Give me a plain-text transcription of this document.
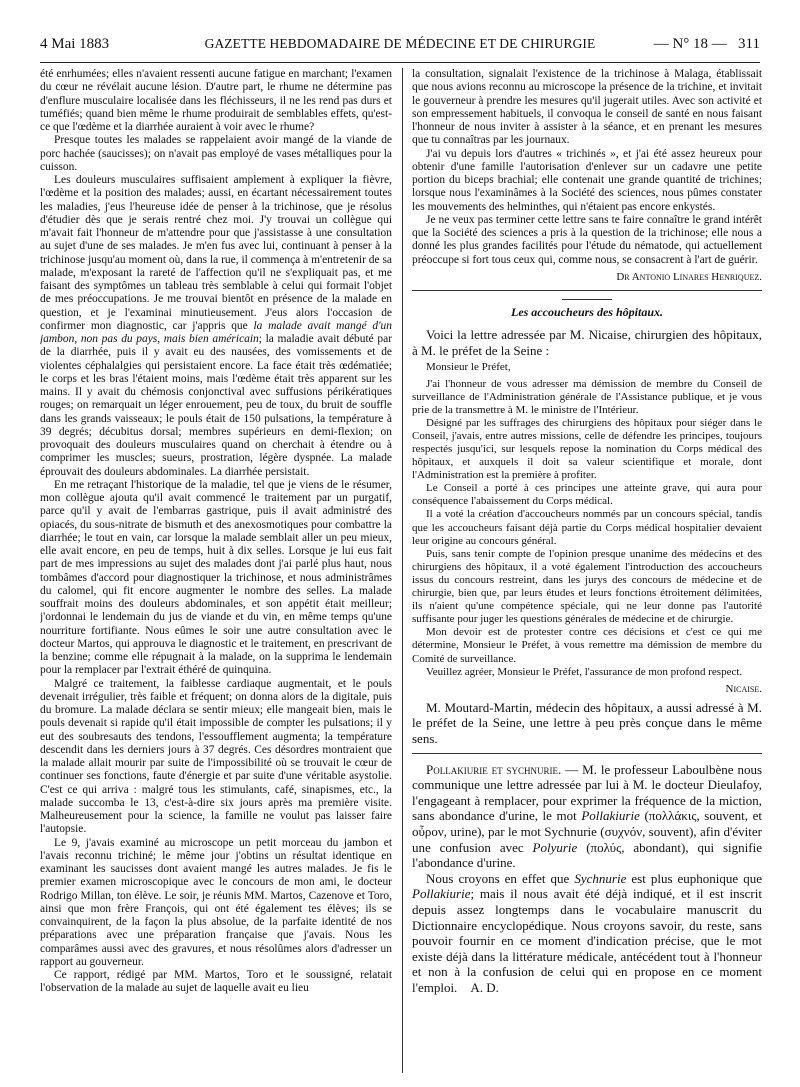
4 Mai 1883	GAZETTE HEBDOMADAIRE DE MÉDECINE ET DE CHIRURGIE	— N° 18 — 311

été enrhumées; elles n'avaient ressenti aucune fatigue en marchant; l'examen du cœur ne révélait aucune lésion. D'autre part, le rhume ne détermine pas d'enflure musculaire localisée dans les fléchisseurs, il ne les rend pas durs et tuméfiés; quand bien même le rhume produirait de semblables effets, qu'est-ce que l'œdème et la diarrhée auraient à voir avec le rhume?

Presque toutes les malades se rappelaient avoir mangé de la viande de porc hachée (saucisses); on n'avait pas employé de vases métalliques pour la cuisson.

Les douleurs musculaires suffisaient amplement à expliquer la fièvre, l'œdème et la position des malades; aussi, en écartant nécessairement toutes les maladies, j'eus l'heureuse idée de penser à la trichinose, que je résolus d'étudier dès que je serais rentré chez moi. J'y trouvai un collègue qui m'avait fait l'honneur de m'attendre pour que j'assistasse à une consultation au sujet d'une de ses malades. Je m'en fus avec lui, continuant à penser à la trichinose jusqu'au moment où, dans la rue, il commença à m'entretenir de sa malade, m'exposant la rareté de l'affection qu'il ne s'expliquait pas, et me faisant des symptômes un tableau très semblable à celui qui formait l'objet de mes préoccupations. Je me trouvai bientôt en présence de la malade en question, et je l'examinai minutieusement. J'eus alors l'occasion de confirmer mon diagnostic, car j'appris que la malade avait mangé d'un jambon, non pas du pays, mais bien américain; la maladie avait débuté par de la diarrhée, puis il y avait eu des nausées, des vomissements et de violentes céphalalgies qui persistaient encore. La face était très œdématiée; le corps et les bras l'étaient moins, mais l'œdème était très apparent sur les mains. Il y avait du chémosis conjonctival avec suffusions périkératiques rouges; on remarquait un léger enrouement, peu de toux, du bruit de souffle dans les grands vaisseaux; le pouls était de 150 pulsations, la température à 39 degrés; décubitus dorsal; membres supérieurs en demi-flexion; on provoquait des douleurs musculaires quand on cherchait à étendre ou à comprimer les muscles; sueurs, prostration, légère dyspnée. La malade éprouvait des douleurs abdominales. La diarrhée persistait.

En me retraçant l'historique de la maladie, tel que je viens de le résumer, mon collègue ajouta qu'il avait commencé le traitement par un purgatif, parce qu'il y avait de l'embarras gastrique, puis il avait administré des opiacés, du sous-nitrate de bismuth et des anexosmotiques pour combattre la diarrhée; le tout en vain, car lorsque la malade semblait aller un peu mieux, elle avait encore, en peu de temps, huit à dix selles. Lorsque je lui eus fait part de mes impressions au sujet des malades dont j'ai parlé plus haut, nous tombâmes d'accord pour diagnostiquer la trichinose, et nous administrâmes du calomel, qui fit encore augmenter le nombre des selles. La malade souffrait moins des douleurs abdominales, et son appétit était meilleur; j'ordonnai le lendemain du jus de viande et du vin, en même temps qu'une nourriture fortifiante. Nous eûmes le soir une autre consultation avec le docteur Martos, qui approuva le diagnostic et le traitement, en prescrivant de la benzine; comme elle répugnait à la malade, on la supprima le lendemain pour la remplacer par l'extrait éthéré de quinquina.

Malgré ce traitement, la faiblesse cardiaque augmentait, et le pouls devenait irrégulier, très faible et fréquent; on donna alors de la digitale, puis du bromure. La malade déclara se sentir mieux; elle mangeait bien, mais le pouls devenait si rapide qu'il était impossible de compter les pulsations; il y eut des soubresauts des tendons, l'essoufflement augmenta; la température descendit dans les derniers jours à 37 degrés. Ces désordres montraient que la malade allait mourir par suite de l'impossibilité où se trouvait le cœur de continuer ses fonctions, faute d'énergie et par suite d'une véritable asystolie. C'est ce qui arriva : malgré tous les stimulants, café, sinapismes, etc., la malade succomba le 13, c'est-à-dire six jours après ma première visite. Malheureusement pour la science, la famille ne voulut pas laisser faire l'autopsie.

Le 9, j'avais examiné au microscope un petit morceau du jambon et l'avais reconnu trichiné; le même jour j'obtins un résultat identique en examinant les saucisses dont avaient mangé les autres malades. Je fis le premier examen microscopique avec le concours de mon ami, le docteur Rodrigo Millan, ton élève. Le soir, je réunis MM. Martos, Cazenove et Toro, ainsi que mon frère François, qui ont été également tes élèves; ils se convainquirent, de la façon la plus absolue, de la parfaite identité de nos préparations avec une préparation française que j'avais. Nous les comparâmes aussi avec des gravures, et nous résolûmes alors d'adresser un rapport au gouverneur.

Ce rapport, rédigé par MM. Martos, Toro et le soussigné, relatait l'observation de la malade au sujet de laquelle avait eu lieu

la consultation, signalait l'existence de la trichinose à Malaga, établissait que nous avions reconnu au microscope la présence de la trichine, et invitait le gouverneur à prendre les mesures qu'il jugerait utiles. Avec son activité et son empressement habituels, il convoqua le conseil de santé en nous faisant l'honneur de nous inviter à assister à la séance, et en prenant les mesures que tu connaîtras par les journaux.

J'ai vu depuis lors d'autres « trichinés », et j'ai été assez heureux pour obtenir d'une famille l'autorisation d'enlever sur un cadavre une petite portion du biceps brachial; elle contenait une grande quantité de trichines; lorsque nous l'examinâmes à la Société des sciences, nous pûmes constater les mouvements des helminthes, qui n'étaient pas encore enkystés.

Je ne veux pas terminer cette lettre sans te faire connaître le grand intérêt que la Société des sciences a pris à la question de la trichinose; elle nous a donné les plus grandes facilités pour l'étude du nématode, qui actuellement préoccupe si fort tous ceux qui, comme nous, se consacrent à l'art de guérir.

Dr Antonio Linares Henriquez.

Les accoucheurs des hôpitaux.

Voici la lettre adressée par M. Nicaise, chirurgien des hôpitaux, à M. le préfet de la Seine :

Monsieur le Préfet,

J'ai l'honneur de vous adresser ma démission de membre du Conseil de surveillance de l'Administration générale de l'Assistance publique, et je vous prie de la transmettre à M. le ministre de l'Intérieur.

Désigné par les suffrages des chirurgiens des hôpitaux pour siéger dans le Conseil, j'avais, entre autres missions, celle de défendre les principes, toujours respectés jusqu'ici, sur lesquels repose la nomination du Corps médical des hôpitaux, et auxquels il doit sa valeur scientifique et morale, dont l'Administration est la première à profiter.

Le Conseil a porté à ces principes une atteinte grave, qui aura pour conséquence l'abaissement du Corps médical.

Il a voté la création d'accoucheurs nommés par un concours spécial, tandis que les accoucheurs faisant déjà partie du Corps médical hospitalier devaient leur origine au concours général.

Puis, sans tenir compte de l'opinion presque unanime des médecins et des chirurgiens des hôpitaux, il a voté également l'introduction des accoucheurs issus du concours restreint, dans les jurys des concours de médecine et de chirurgie, bien que, par leurs études et leurs fonctions étroitement délimitées, ils n'aient qu'une compétence spéciale, qui ne leur donne pas l'autorité suffisante pour juger les questions générales de médecine et de chirurgie.

Mon devoir est de protester contre ces décisions et c'est ce qui me détermine, Monsieur le Préfet, à vous remettre ma démission de membre du Comité de surveillance.

Veuillez agréer, Monsieur le Préfet, l'assurance de mon profond respect.

Nicaise.

M. Moutard-Martin, médecin des hôpitaux, a aussi adressé à M. le préfet de la Seine, une lettre à peu près conçue dans le même sens.

Pollakiurie et sychnurie. — M. le professeur Laboulbène nous communique une lettre adressée par lui à M. le docteur Dieulafoy, l'engageant à remplacer, pour exprimer la fréquence de la miction, sans abondance d'urine, le mot Pollakiurie (πολλάκις, souvent, et οὖρον, urine), par le mot Sychnurie (συχνόν, souvent), afin d'éviter une confusion avec Polyurie (πολύς, abondant), qui signifie l'abondance d'urine.

Nous croyons en effet que Sychnurie est plus euphonique que Pollakiurie; mais il nous avait été déjà indiqué, et il est inscrit depuis assez longtemps dans le vocabulaire manuscrit du Dictionnaire encyclopédique. Nous croyons savoir, du reste, sans pouvoir fournir en ce moment d'indication précise, que le mot existe déjà dans la littérature médicale, antécédent tout à l'honneur et non à la confusion de celui qui en propose en ce moment l'emploi. A. D.
